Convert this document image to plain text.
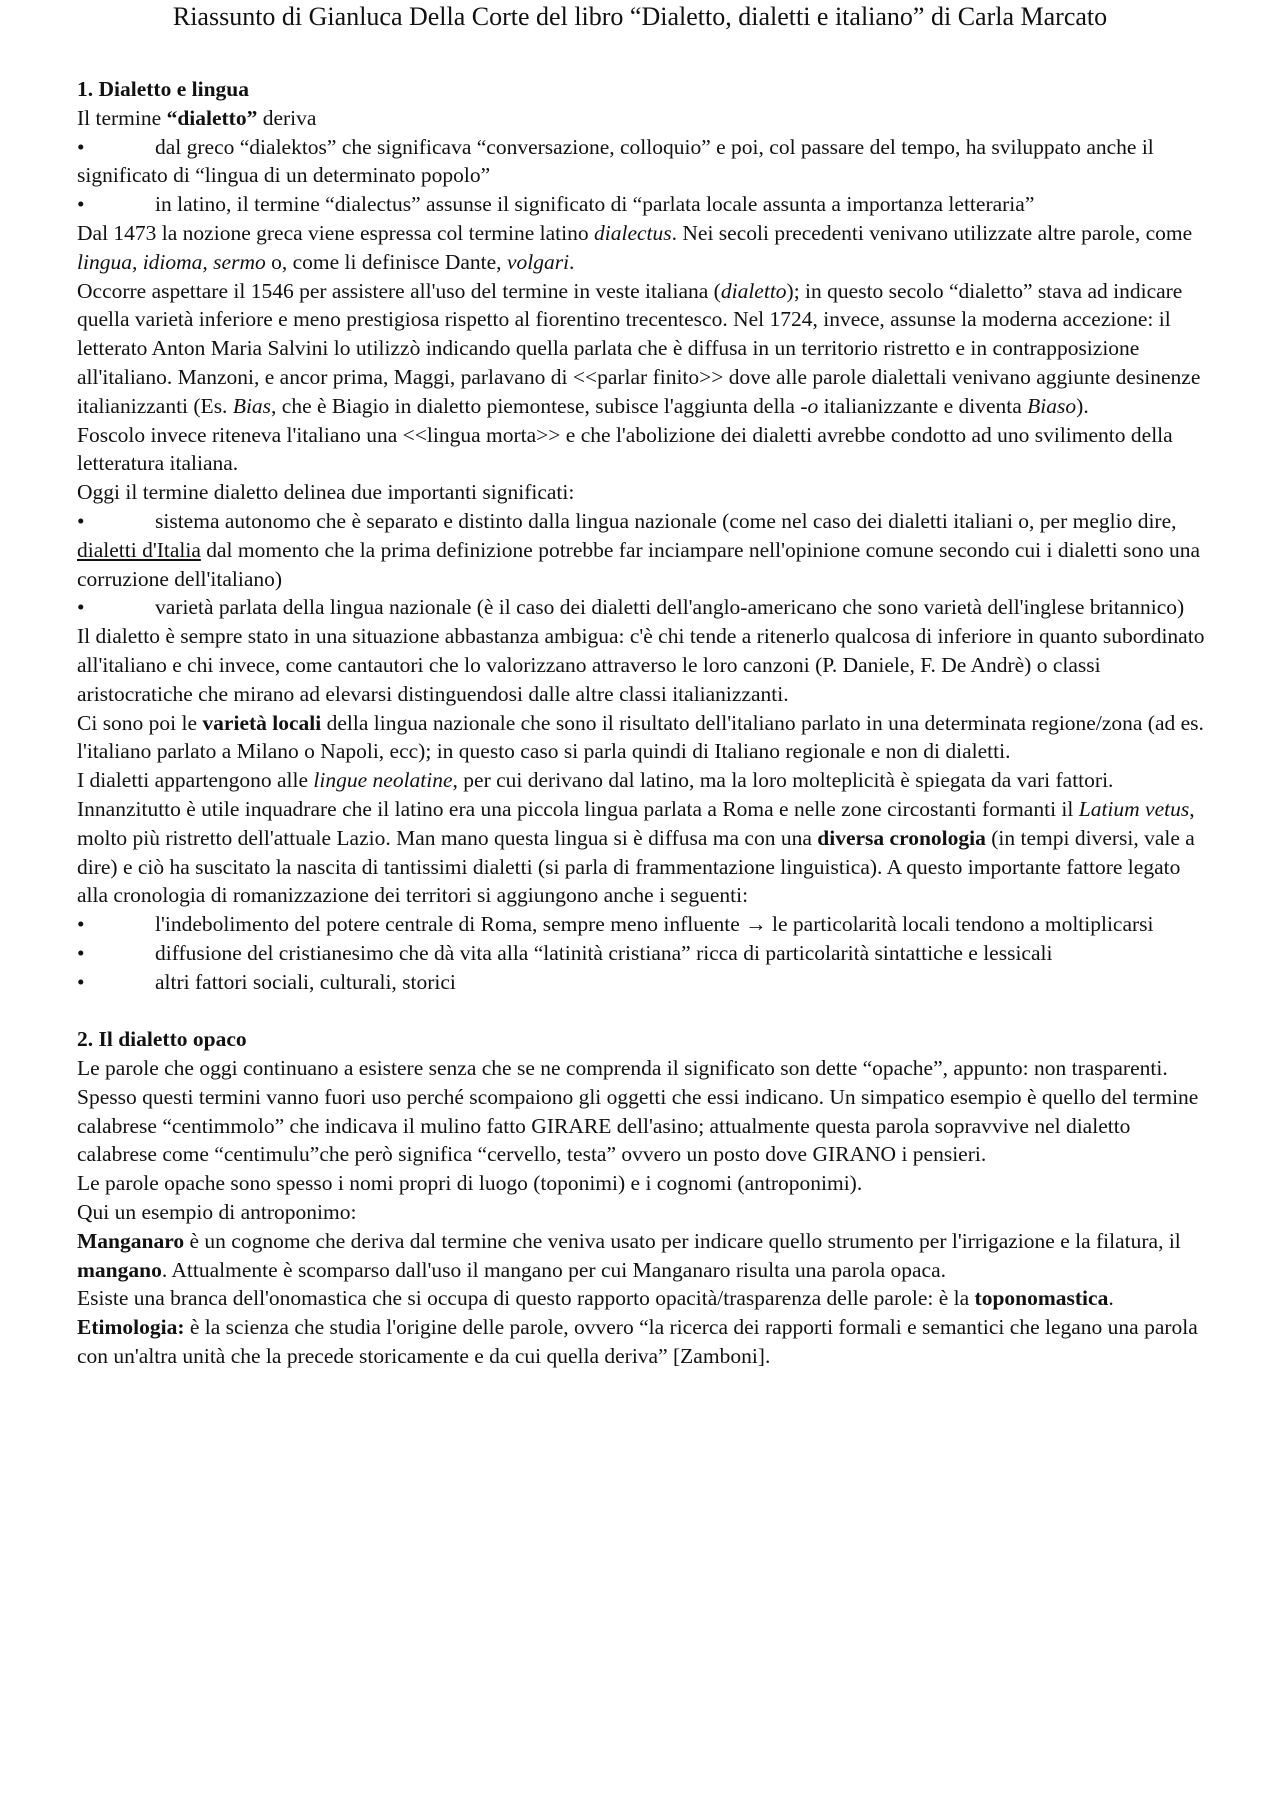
Riassunto di Gianluca Della Corte del libro “Dialetto, dialetti e italiano” di Carla Marcato

1. Dialetto e lingua

Il termine “dialetto” deriva

•	dal greco “dialektos” che significava “conversazione, colloquio” e poi, col passare del tempo, ha sviluppato anche il significato di “lingua di un determinato popolo”

•	in latino, il termine “dialectus” assunse il significato di “parlata locale assunta a importanza letteraria”

Dal 1473 la nozione greca viene espressa col termine latino dialectus. Nei secoli precedenti venivano utilizzate altre parole, come lingua, idioma, sermo o, come li definisce Dante, volgari.

Occorre aspettare il 1546 per assistere all'uso del termine in veste italiana (dialetto); in questo secolo “dialetto” stava ad indicare quella varietà inferiore e meno prestigiosa rispetto al fiorentino trecentesco. Nel 1724, invece, assunse la moderna accezione: il letterato Anton Maria Salvini lo utilizzò indicando quella parlata che è diffusa in un territorio ristretto e in contrapposizione all'italiano. Manzoni, e ancor prima, Maggi, parlavano di <<parlar finito>> dove alle parole dialettali venivano aggiunte desinenze italianizzanti (Es. Bias, che è Biagio in dialetto piemontese, subisce l'aggiunta della -o italianizzante e diventa Biaso).

Foscolo invece riteneva l'italiano una <<lingua morta>> e che l'abolizione dei dialetti avrebbe condotto ad uno svilimento della letteratura italiana.

Oggi il termine dialetto delinea due importanti significati:

•	sistema autonomo che è separato e distinto dalla lingua nazionale (come nel caso dei dialetti italiani o, per meglio dire, dialetti d'Italia dal momento che la prima definizione potrebbe far inciampare nell'opinione comune secondo cui i dialetti sono una corruzione dell'italiano)

•	varietà parlata della lingua nazionale (è il caso dei dialetti dell'anglo-americano che sono varietà dell'inglese britannico)

Il dialetto è sempre stato in una situazione abbastanza ambigua: c'è chi tende a ritenerlo qualcosa di inferiore in quanto subordinato all'italiano e chi invece, come cantautori che lo valorizzano attraverso le loro canzoni (P. Daniele, F. De Andrè) o classi aristocratiche che mirano ad elevarsi distinguendosi dalle altre classi italianizzanti.

Ci sono poi le varietà locali della lingua nazionale che sono il risultato dell'italiano parlato in una determinata regione/zona (ad es. l'italiano parlato a Milano o Napoli, ecc); in questo caso si parla quindi di Italiano regionale e non di dialetti.

I dialetti appartengono alle lingue neolatine, per cui derivano dal latino, ma la loro molteplicità è spiegata da vari fattori. Innanzitutto è utile inquadrare che il latino era una piccola lingua parlata a Roma e nelle zone circostanti formanti il Latium vetus, molto più ristretto dell'attuale Lazio. Man mano questa lingua si è diffusa ma con una diversa cronologia (in tempi diversi, vale a dire) e ciò ha suscitato la nascita di tantissimi dialetti (si parla di frammentazione linguistica). A questo importante fattore legato alla cronologia di romanizzazione dei territori si aggiungono anche i seguenti:

•	l'indebolimento del potere centrale di Roma, sempre meno influente → le particolarità locali tendono a moltiplicarsi

•	diffusione del cristianesimo che dà vita alla “latinità cristiana” ricca di particolarità sintattiche e lessicali

•	altri fattori sociali, culturali, storici

2. Il dialetto opaco

Le parole che oggi continuano a esistere senza che se ne comprenda il significato son dette “opache”, appunto: non trasparenti.

Spesso questi termini vanno fuori uso perché scompaiono gli oggetti che essi indicano. Un simpatico esempio è quello del termine calabrese “centimmolo” che indicava il mulino fatto GIRARE dell'asino; attualmente questa parola sopravvive nel dialetto calabrese come “centimulu”che però significa “cervello, testa” ovvero un posto dove GIRANO i pensieri.

Le parole opache sono spesso i nomi propri di luogo (toponimi) e i cognomi (antroponimi).

Qui un esempio di antroponimo:

Manganaro è un cognome che deriva dal termine che veniva usato per indicare quello strumento per l'irrigazione e la filatura, il mangano. Attualmente è scomparso dall'uso il mangano per cui Manganaro risulta una parola opaca.

Esiste una branca dell'onomastica che si occupa di questo rapporto opacità/trasparenza delle parole: è la toponomastica.

Etimologia: è la scienza che studia l'origine delle parole, ovvero “la ricerca dei rapporti formali e semantici che legano una parola con un'altra unità che la precede storicamente e da cui quella deriva” [Zamboni].
